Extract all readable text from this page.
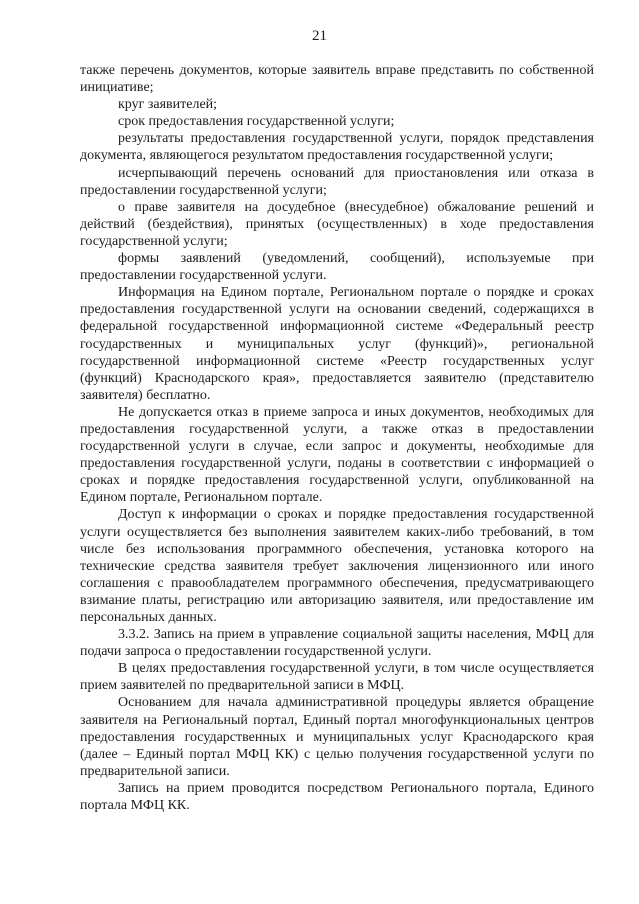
21

также перечень документов, которые заявитель вправе представить по собственной инициативе;

круг заявителей;

срок предоставления государственной услуги;

результаты предоставления государственной услуги, порядок представления документа, являющегося результатом предоставления государственной услуги;

исчерпывающий перечень оснований для приостановления или отказа в предоставлении государственной услуги;

о праве заявителя на досудебное (внесудебное) обжалование решений и действий (бездействия), принятых (осуществленных) в ходе предоставления государственной услуги;

формы заявлений (уведомлений, сообщений), используемые при предоставлении государственной услуги.

Информация на Едином портале, Региональном портале о порядке и сроках предоставления государственной услуги на основании сведений, содержащихся в федеральной государственной информационной системе «Федеральный реестр государственных и муниципальных услуг (функций)», региональной государственной информационной системе «Реестр государственных услуг (функций) Краснодарского края», предоставляется заявителю (представителю заявителя) бесплатно.

Не допускается отказ в приеме запроса и иных документов, необходимых для предоставления государственной услуги, а также отказ в предоставлении государственной услуги в случае, если запрос и документы, необходимые для предоставления государственной услуги, поданы в соответствии с информацией о сроках и порядке предоставления государственной услуги, опубликованной на Едином портале, Региональном портале.

Доступ к информации о сроках и порядке предоставления государственной услуги осуществляется без выполнения заявителем каких-либо требований, в том числе без использования программного обеспечения, установка которого на технические средства заявителя требует заключения лицензионного или иного соглашения с правообладателем программного обеспечения, предусматривающего взимание платы, регистрацию или авторизацию заявителя, или предоставление им персональных данных.

3.3.2. Запись на прием в управление социальной защиты населения, МФЦ для подачи запроса о предоставлении государственной услуги.

В целях предоставления государственной услуги, в том числе осуществляется прием заявителей по предварительной записи в МФЦ.

Основанием для начала административной процедуры является обращение заявителя на Региональный портал, Единый портал многофункциональных центров предоставления государственных и муниципальных услуг Краснодарского края (далее – Единый портал МФЦ КК) с целью получения государственной услуги по предварительной записи.

Запись на прием проводится посредством Регионального портала, Единого портала МФЦ КК.
